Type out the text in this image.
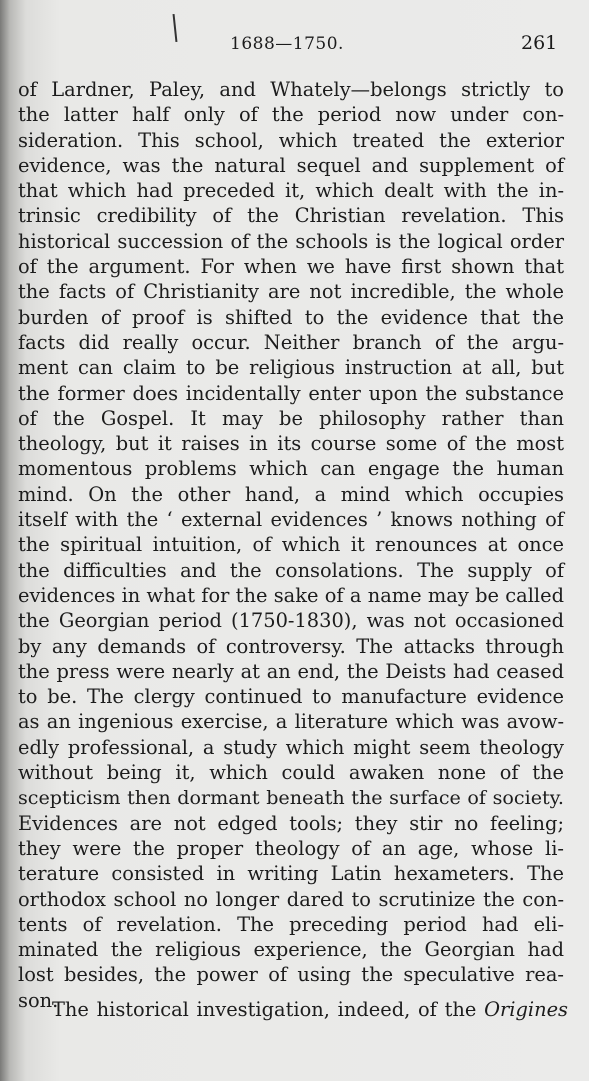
1688—1750.	261
of Lardner, Paley, and Whately—belongs strictly to
the latter half only of the period now under con-
sideration. This school, which treated the exterior
evidence, was the natural sequel and supplement of
that which had preceded it, which dealt with the in-
trinsic credibility of the Christian revelation. This
historical succession of the schools is the logical order
of the argument. For when we have first shown that
the facts of Christianity are not incredible, the whole
burden of proof is shifted to the evidence that the
facts did really occur. Neither branch of the argu-
ment can claim to be religious instruction at all, but
the former does incidentally enter upon the substance
of the Gospel. It may be philosophy rather than
theology, but it raises in its course some of the most
momentous problems which can engage the human
mind. On the other hand, a mind which occupies
itself with the ‘ external evidences ’ knows nothing of
the spiritual intuition, of which it renounces at once
the difficulties and the consolations. The supply of
evidences in what for the sake of a name may be called
the Georgian period (1750-1830), was not occasioned
by any demands of controversy. The attacks through
the press were nearly at an end, the Deists had ceased
to be. The clergy continued to manufacture evidence
as an ingenious exercise, a literature which was avow-
edly professional, a study which might seem theology
without being it, which could awaken none of the
scepticism then dormant beneath the surface of society.
Evidences are not edged tools; they stir no feeling;
they were the proper theology of an age, whose li-
terature consisted in writing Latin hexameters. The
orthodox school no longer dared to scrutinize the con-
tents of revelation. The preceding period had eli-
minated the religious experience, the Georgian had
lost besides, the power of using the speculative rea-
son.
The historical investigation, indeed, of the Origines
